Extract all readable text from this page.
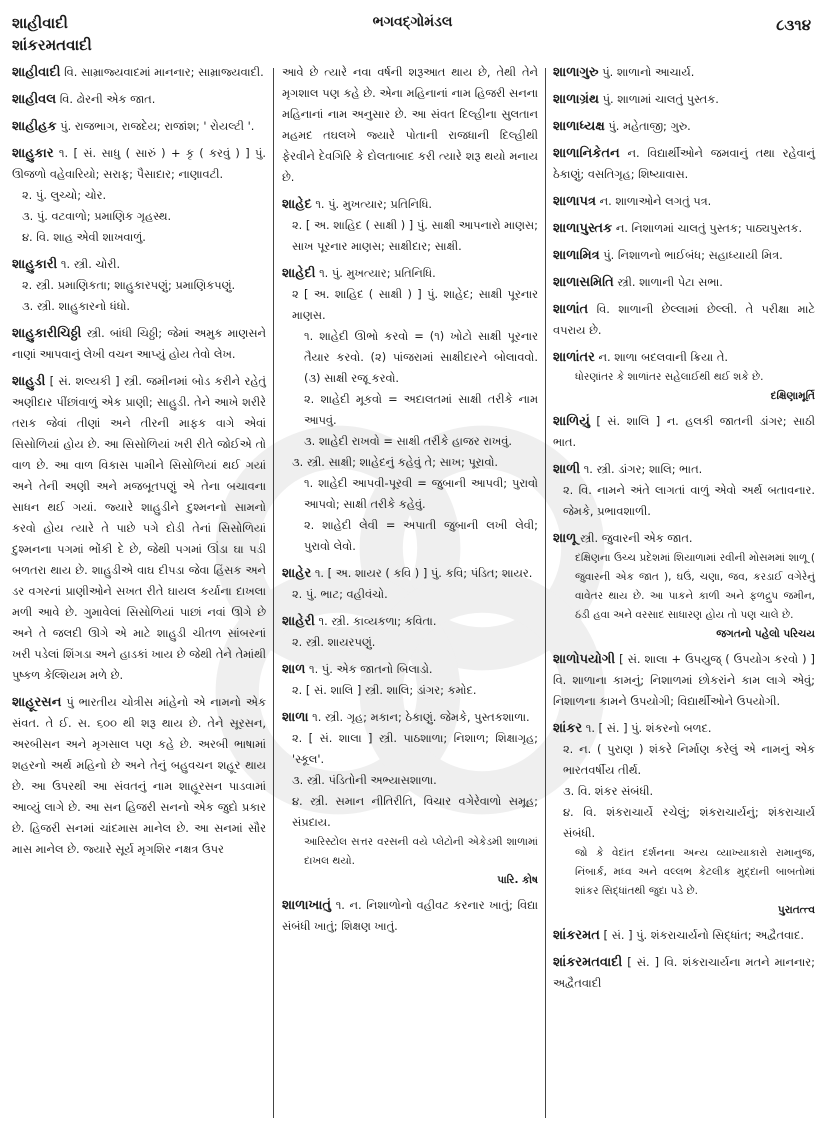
શાહીવાદી
શાંકરમતવાદી
ભગવદ્ગોમંડલ	૮૩૧૪
શાહીવાદી વિ. સામ્રાજ્યવાદમાં માનનાર; સામ્રાજ્યવાદી.
શાહીવલ વિ. ઢોરની એક જાત.
શાહીહક પું. રાજભાગ, રાજદેય; રાજાંશ; ' રોયલ્ટી '.
શાહુકાર ૧. [ સં. સાધુ ( સારું ) + કૃ ( કરવું ) ] પું. ઊજળો વહેવારિયો; સરાફ; પૈસાદાર; નાણાવટી.
૨. પું. લુચ્ચો; ચોર.
૩. પું. વટવાળો; પ્રમાણિક ગૃહસ્થ.
૪. વિ. શાહ એવી શાખવાળું.
શાહુકારી ૧. સ્ત્રી. ચોરી.
૨. સ્ત્રી. પ્રમાણિકતા; શાહુકારપણું; પ્રમાણિકપણું.
૩. સ્ત્રી. શાહુકારનો ધંધો.
શાહુકારીચિઠ્ઠી સ્ત્રી. બાંધી ચિઠ્ઠી; જેમાં અમુક માણસને નાણાં આપવાનું લેખી વચન આપ્યું હોય તેવો લેખ.
શાહુડી [ સં. શલ્યકી ] સ્ત્રી. જમીનમાં બોડ કરીને રહેતું અણીદાર પીંછાંવાળું એક પ્રાણી; સાહુડી. તેને આખે શરીરે તરાક જેવાં તીણાં અને તીરની માફક વાગે એવાં સિસોળિયાં હોય છે. આ સિસોળિયાં ખરી રીતે જોઈએ તો વાળ છે. આ વાળ વિકાસ પામીને સિસોળિયાં થઈ ગયાં અને તેની અણી અને મજબૂતપણું એ તેના બચાવના સાધન થઈ ગયાં. જ્યારે શાહુડીને દુશ્મનનો સામનો કરવો હોય ત્યારે તે પાછે પગે દોડી તેનાં સિસોળિયાં દુશ્મનના પગમાં ભોંકી દે છે, જેથી પગમાં ઊંડા ઘા પડી બળતરા થાય છે. શાહુડીએ વાઘ દીપડા જેવા હિંસક અને ડર વગરનાં પ્રાણીઓને સખત રીતે ઘાયલ કર્યાના દાખલા મળી આવે છે. ગુમાવેલાં સિસોળિયાં પાછાં નવાં ઊગે છે અને તે જલદી ઊગે એ માટે શાહુડી ચીતળ સાંબરનાં ખરી પડેલાં શિંગડા અને હાડકાં ખાય છે જેથી તેને તેમાંથી પુષ્કળ કેલ્શિયમ મળે છે.
શાહૂરસન પું ભારતીય ચોત્રીસ માંહેનો એ નામનો એક સંવત. તે ઈ. સ. ૬૦૦ થી શરૂ થાય છે. તેને સૂરસન, અરબીસન અને મૃગસાલ પણ કહે છે. અરબી ભાષામાં શહરનો અર્થ મહિનો છે અને તેનું બહુવચન શહૂર થાય છે. આ ઉપરથી આ સંવતનું નામ શાહૂરસન પાડવામાં આવ્યું લાગે છે. આ સન હિજરી સનનો એક જુદો પ્રકાર છે. હિજરી સનમાં ચાંદમાસ માનેલ છે. આ સનમાં સૌર માસ માનેલ છે. જ્યારે સૂર્ય મૃગશિર નક્ષત્ર ઉપર
આવે છે ત્યારે નવા વર્ષની શરૂઆત થાય છે, તેથી તેને મૃગશાલ પણ કહે છે. એના મહિનાનાં નામ હિજરી સનના મહિનાનાં નામ અનુસાર છે. આ સંવત દિલ્હીના સુલતાન મહમદ તઘલખે જ્યારે પોતાની રાજધાની દિલ્હીથી ફેરવીને દેવગિરિ કે દોલતાબાદ કરી ત્યારે શરૂ થયો મનાય છે.
શાહેદ ૧. પું. મુખત્યાર; પ્રતિનિધિ.
૨. [ અ. શાહિદ ( સાક્ષી ) ] પું. સાક્ષી આપનારો માણસ; સાખ પૂરનાર માણસ; સાક્ષીદાર; સાક્ષી.
શાહેદી ૧. પું. મુખત્યાર; પ્રતિનિધિ.
૨ [ અ. શાહિદ ( સાક્ષી ) ] પું. શાહેદ; સાક્ષી પૂરનાર માણસ.
૧. શાહેદી ઊભો કરવો = (૧) ખોટો સાક્ષી પૂરનાર તૈયાર કરવો. (૨) પાંજરામાં સાક્ષીદારને બોલાવવો. (૩) સાક્ષી રજૂ કરવો.
૨. શાહેદી મૂકવો = અદાલતમાં સાક્ષી તરીકે નામ આપવું.
૩. શાહેદી રાખવો = સાક્ષી તરીકે હાજર રાખવું.
૩. સ્ત્રી. સાક્ષી; શાહેદનું કહેવું તે; સાખ; પૂરાવો.
૧. શાહેદી આપવી-પૂરવી = જુબાની આપવી; પુરાવો આપવો; સાક્ષી તરીકે કહેવું.
૨. શાહેદી લેવી = અપાતી જુબાની લખી લેવી; પુરાવો લેવો.
શાહેર ૧. [ અ. શાયર ( કવિ ) ] પું. કવિ; પંડિત; શાયર.
૨. પું. ભાટ; વહીવંચો.
શાહેરી ૧. સ્ત્રી. કાવ્યકળા; કવિતા.
૨. સ્ત્રી. શાયરપણું.
શાળ ૧. પું. એક જાતનો બિલાડો.
૨. [ સં. શાલિ ] સ્ત્રી. શાલિ; ડાંગર; કમોદ.
શાળા ૧. સ્ત્રી. ગૃહ; મકાન; ઠેકાણું. જેમકે, પુસ્તકશાળા.
૨. [ સં. શાલા ] સ્ત્રી. પાઠશાળા; નિશાળ; શિક્ષાગૃહ; 'સ્કૂલ'.
૩. સ્ત્રી. પંડિતોની અભ્યાસશાળા.
૪. સ્ત્રી. સમાન નીતિરીતિ, વિચાર વગેરેવાળો સમૂહ; સંપ્રદાય.
આરિસ્ટોલ સત્તર વરસની વયે પ્લેટોની એકેડમી શાળામાં દાખલ થયો.
પારિ. કોષ
શાળાખાતું ૧. ન. નિશાળોનો વહીવટ કરનાર ખાતું; વિદ્યા સંબંધી ખાતું; શિક્ષણ ખાતું.
શાળાગુરુ પું. શાળાનો આચાર્ય.
શાળાગ્રંથ પું. શાળામાં ચાલતું પુસ્તક.
શાળાધ્યક્ષ પું. મહેતાજી; ગુરુ.
શાળાનિકેતન ન. વિદ્યાર્થીઓને જમવાનું તથા રહેવાનું ઠેકાણું; વસતિગૃહ; શિષ્યાવાસ.
શાળાપત્ર ન. શાળાઓને લગતું પત્ર.
શાળાપુસ્તક ન. નિશાળમાં ચાલતું પુસ્તક; પાઠ્યપુસ્તક.
શાળામિત્ર પું. નિશાળનો ભાઈબંધ; સહાધ્યાયી મિત્ર.
શાળાસમિતિ સ્ત્રી. શાળાની પેટા સભા.
શાળાંત વિ. શાળાની છેલ્લામાં છેલ્લી. તે પરીક્ષા માટે વપરાય છે.
શાળાંતર ન. શાળા બદલવાની ક્રિયા તે.
ધોરણાંતર કે શાળાંતર સહેલાઈથી થઈ શકે છે.
દક્ષિણામૂર્તિ
શાળિયું [ સં. શાલિ ] ન. હલકી જાતની ડાંગર; સાઠી ભાત.
શાળી ૧. સ્ત્રી. ડાંગર; શાલિ; ભાત.
૨. વિ. નામને અંતે લાગતાં વાળું એવો અર્થ બતાવનાર. જેમકે, પ્રભાવશાળી.
શાળૂ સ્ત્રી. જુવારની એક જાત.
દક્ષિણના ઉચ્ચ પ્રદેશમાં શિયાળામાં રવીની મોસમમાં શાળૂ ( જુવારની એક જાત ), ઘઉં, ચણા, જવ, કરડાઈ વગેરેનું વાવેતર થાય છે. આ પાકને કાળી અને ફળદ્રુપ જમીન, ઠંડી હવા અને વરસાદ સાધારણ હોય તો પણ ચાલે છે.
જગતનો પહેલો પરિચય
શાળોપયોગી [ સં. શાલા + ઉપયુજ્ ( ઉપયોગ કરવો ) ] વિ. શાળાના કામનું; નિશાળમાં છોકરાંને કામ લાગે એવું; નિશાળના કામને ઉપયોગી; વિદ્યાર્થીઓને ઉપયોગી.
શાંકર ૧. [ સં. ] પું. શંકરનો બળદ.
૨. ન. ( પુરાણ ) શંકરે નિર્માણ કરેલું એ નામનું એક ભારતવર્ષીય તીર્થ.
૩. વિ. શંકર સંબંધી.
૪. વિ. શંકરાચાર્યે રચેલું; શંકરાચાર્યનું; શંકરાચાર્ય સંબંધી.
જો કે વેદાંત દર્શનના અન્ય વ્યાખ્યાકારો રામાનુજ, નિંબાર્ક, મધ્વ અને વલ્લભ કેટલીક મુદ્દાની બાબતોમાં શાંકર સિદ્ધાંતથી જુદા પડે છે.
પુરાતત્ત્વ
શાંકરમત [ સં. ] પું. શંકરાચાર્યનો સિદ્ધાંત; અદ્વૈતવાદ.
શાંકરમતવાદી [ સં. ] વિ. શંકરાચાર્યના મતને માનનાર; અદ્વૈતવાદી
